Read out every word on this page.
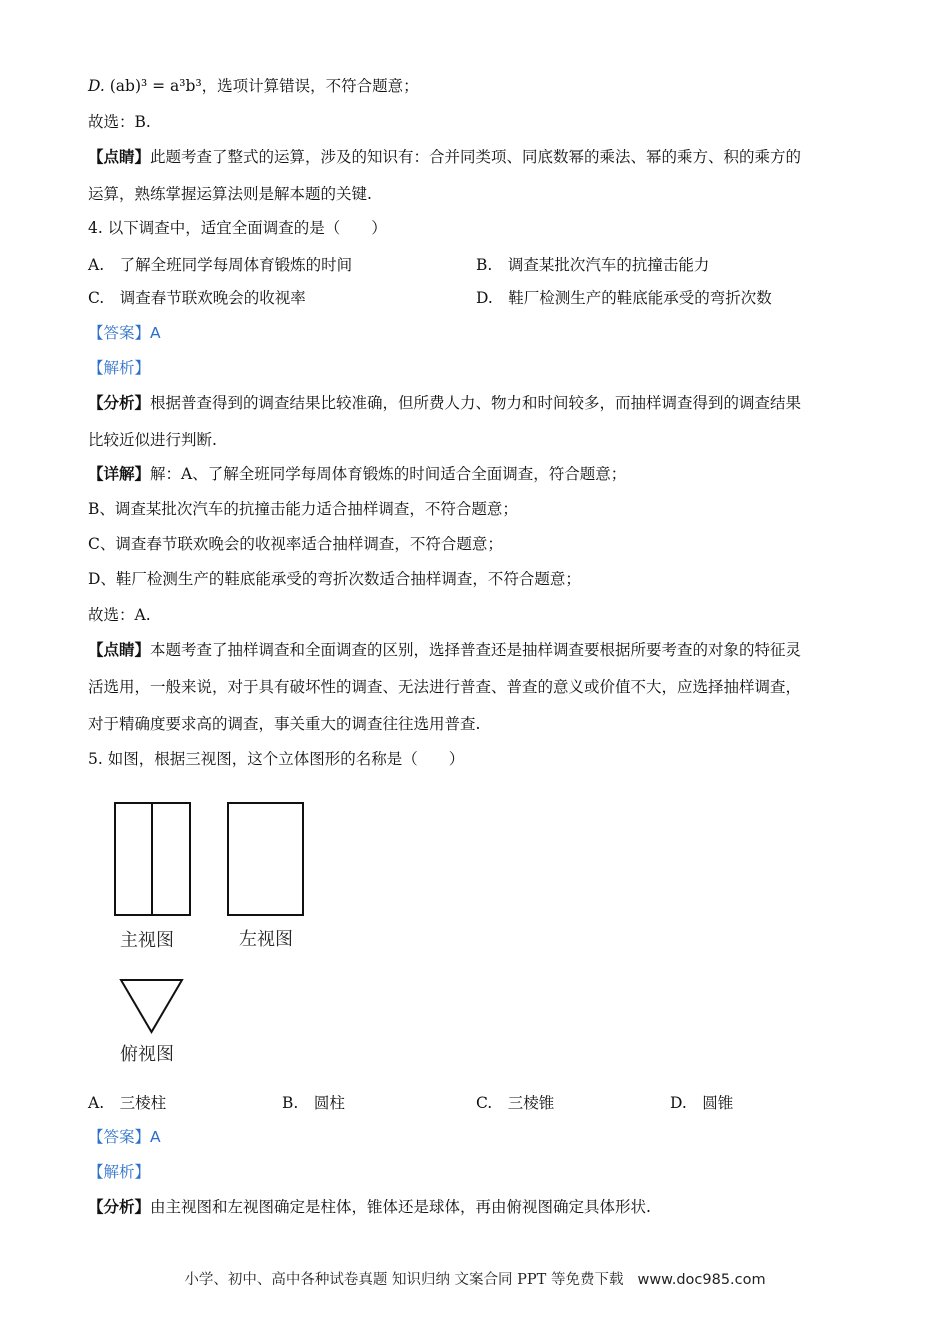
D. (ab)³ = a³b³，选项计算错误，不符合题意；
故选：B.
【点睛】此题考查了整式的运算，涉及的知识有：合并同类项、同底数幂的乘法、幂的乘方、积的乘方的
运算，熟练掌握运算法则是解本题的关键.
4. 以下调查中，适宜全面调查的是（　　）
A.　了解全班同学每周体育锻炼的时间	B.　调查某批次汽车的抗撞击能力
C.　调查春节联欢晚会的收视率	D.　鞋厂检测生产的鞋底能承受的弯折次数
【答案】A
【解析】
【分析】根据普查得到的调查结果比较准确，但所费人力、物力和时间较多，而抽样调查得到的调查结果
比较近似进行判断.
【详解】解：A、了解全班同学每周体育锻炼的时间适合全面调查，符合题意；
B、调查某批次汽车的抗撞击能力适合抽样调查，不符合题意；
C、调查春节联欢晚会的收视率适合抽样调查，不符合题意；
D、鞋厂检测生产的鞋底能承受的弯折次数适合抽样调查，不符合题意；
故选：A.
【点睛】本题考查了抽样调查和全面调查的区别，选择普查还是抽样调查要根据所要考查的对象的特征灵
活选用，一般来说，对于具有破坏性的调查、无法进行普查、普查的意义或价值不大，应选择抽样调查，
对于精确度要求高的调查，事关重大的调查往往选用普查.
5. 如图，根据三视图，这个立体图形的名称是（　　）
主视图	左视图
俯视图
A.　三棱柱	B.　圆柱	C.　三棱锥	D.　圆锥
【答案】A
【解析】
【分析】由主视图和左视图确定是柱体，锥体还是球体，再由俯视图确定具体形状.
小学、初中、高中各种试卷真题 知识归纳 文案合同 PPT 等免费下载 www.doc985.com
